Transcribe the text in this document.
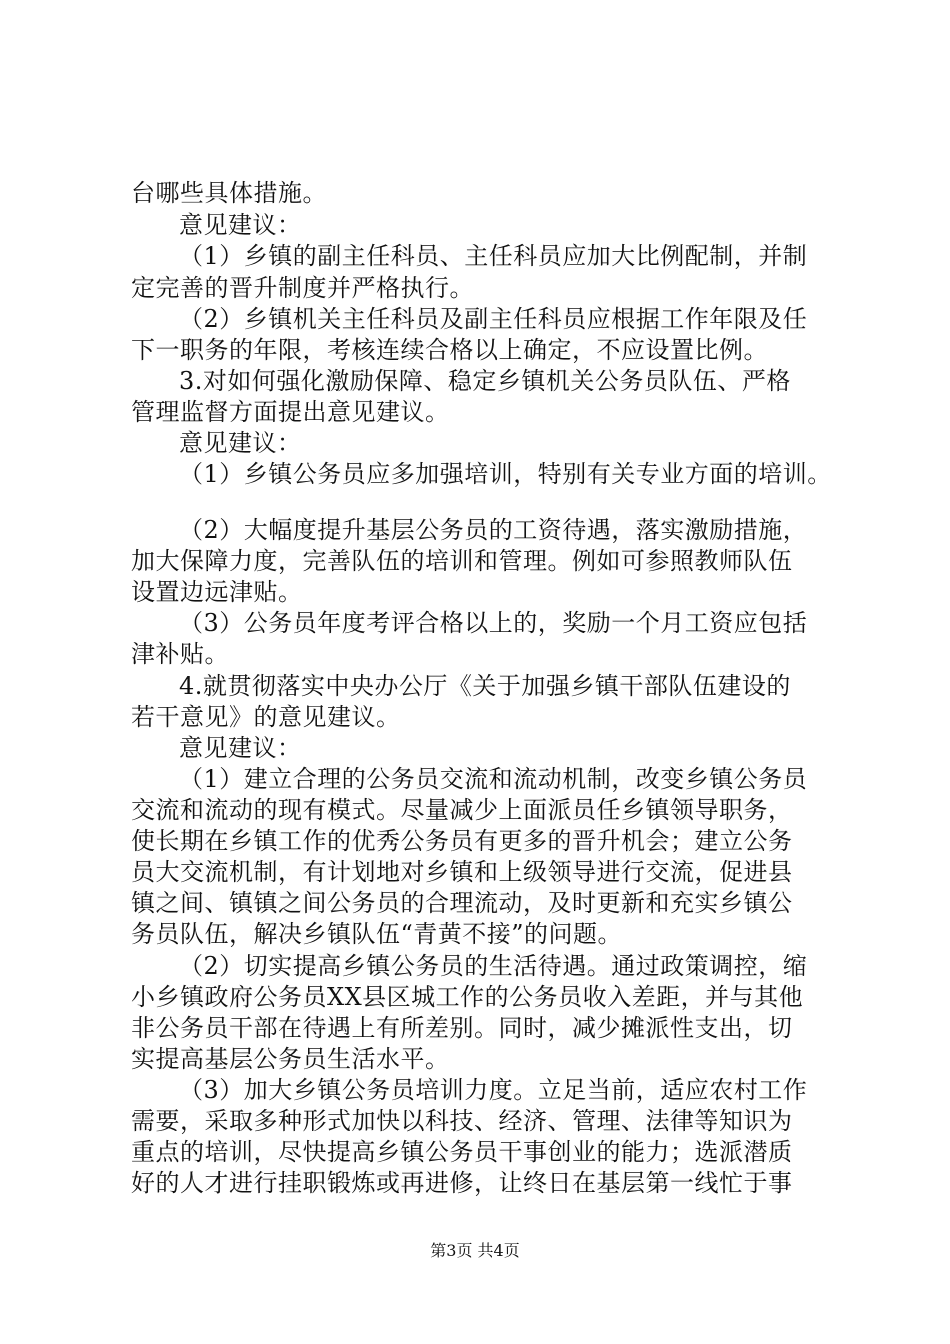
台哪些具体措施。
意见建议：
（1）乡镇的副主任科员、主任科员应加大比例配制，并制
定完善的晋升制度并严格执行。
（2）乡镇机关主任科员及副主任科员应根据工作年限及任
下一职务的年限，考核连续合格以上确定，不应设置比例。
3.对如何强化激励保障、稳定乡镇机关公务员队伍、严格
管理监督方面提出意见建议。
意见建议：
（1）乡镇公务员应多加强培训，特别有关专业方面的培训。
（2）大幅度提升基层公务员的工资待遇，落实激励措施，
加大保障力度，完善队伍的培训和管理。例如可参照教师队伍
设置边远津贴。
（3）公务员年度考评合格以上的，奖励一个月工资应包括
津补贴。
4.就贯彻落实中央办公厅《关于加强乡镇干部队伍建设的
若干意见》的意见建议。
意见建议：
（1）建立合理的公务员交流和流动机制，改变乡镇公务员
交流和流动的现有模式。尽量减少上面派员任乡镇领导职务，
使长期在乡镇工作的优秀公务员有更多的晋升机会；建立公务
员大交流机制，有计划地对乡镇和上级领导进行交流，促进县
镇之间、镇镇之间公务员的合理流动，及时更新和充实乡镇公
务员队伍，解决乡镇队伍“青黄不接”的问题。
（2）切实提高乡镇公务员的生活待遇。通过政策调控，缩
小乡镇政府公务员XX县区城工作的公务员收入差距，并与其他
非公务员干部在待遇上有所差别。同时，减少摊派性支出，切
实提高基层公务员生活水平。
（3）加大乡镇公务员培训力度。立足当前，适应农村工作
需要，采取多种形式加快以科技、经济、管理、法律等知识为
重点的培训，尽快提高乡镇公务员干事创业的能力；选派潜质
好的人才进行挂职锻炼或再进修，让终日在基层第一线忙于事
第3页 共4页
